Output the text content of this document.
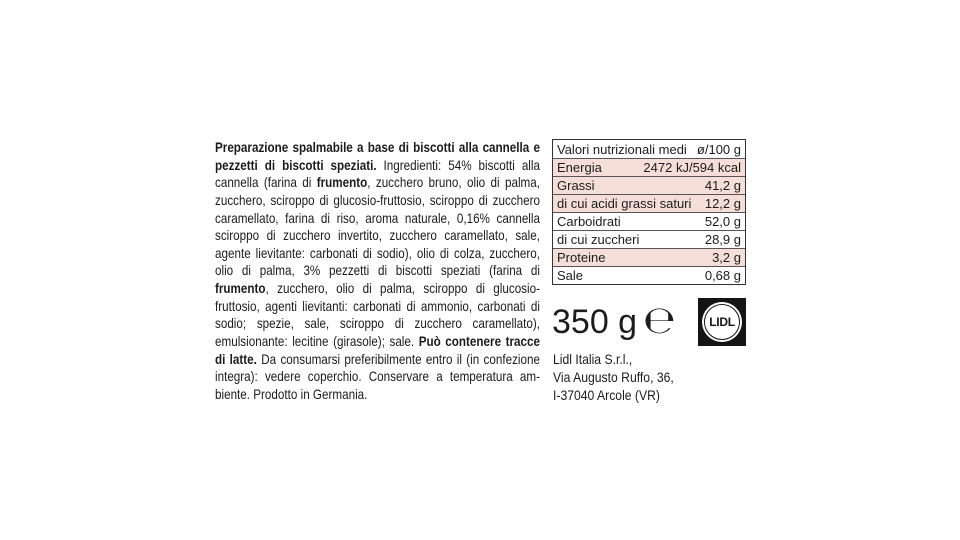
Preparazione spalmabile a base di biscotti alla cannella e
pezzetti di biscotti speziati. Ingredienti: 54% biscotti alla
cannella (farina di frumento, zucchero bruno, olio di palma,
zucchero, sciroppo di glucosio-fruttosio, sciroppo di zucchero
caramellato, farina di riso, aroma naturale, 0,16% cannella
sciroppo di zucchero invertito, zucchero caramellato, sale,
agente lievitante: carbonati di sodio), olio di colza, zucchero,
olio di palma, 3% pezzetti di biscotti speziati (farina di
frumento, zucchero, olio di palma, sciroppo di glucosio-
fruttosio, agenti lievitanti: carbonati di ammonio, carbonati di
sodio; spezie, sale, sciroppo di zucchero caramellato),
emulsionante: lecitine (girasole); sale. Può contenere tracce
di latte. Da consumarsi preferibilmente entro il (in confezione
integra): vedere coperchio. Conservare a temperatura am-
biente. Prodotto in Germania.
Valori nutrizionali medi ø/100 g
Energia	2472 kJ/594 kcal
Grassi	41,2 g
di cui acidi grassi saturi 12,2 g
Carboidrati	52,0 g
di cui zuccheri	28,9 g
Proteine	3,2 g
Sale	0,68 g
350 g ℮	LIDL
Lidl Italia S.r.l.,
Via Augusto Ruffo, 36,
I-37040 Arcole (VR)
